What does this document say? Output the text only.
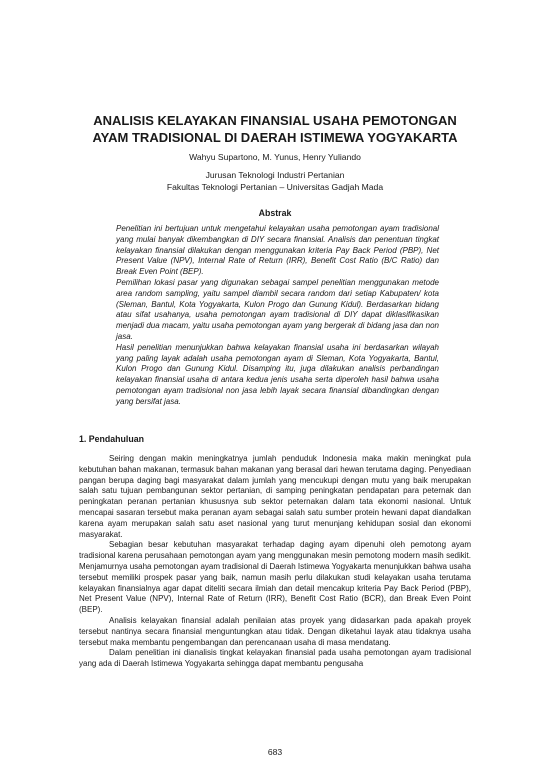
ANALISIS KELAYAKAN FINANSIAL USAHA PEMOTONGAN
AYAM TRADISIONAL DI DAERAH ISTIMEWA YOGYAKARTA
Wahyu Supartono, M. Yunus, Henry Yuliando
Jurusan Teknologi Industri Pertanian
Fakultas Teknologi Pertanian – Universitas Gadjah Mada
Abstrak

Penelitian ini bertujuan untuk mengetahui kelayakan usaha pemotongan ayam tradisional yang mulai banyak dikembangkan di DIY secara finansial. Analisis dan penentuan tingkat kelayakan finansial dilakukan dengan menggunakan kriteria Pay Back Period (PBP), Net Present Value (NPV), Internal Rate of Return (IRR), Benefit Cost Ratio (B/C Ratio) dan Break Even Point (BEP).

Pemilihan lokasi pasar yang digunakan sebagai sampel penelitian menggunakan metode area random sampling, yaitu sampel diambil secara random dari setiap Kabupaten/ kota (Sleman, Bantul, Kota Yogyakarta, Kulon Progo dan Gunung Kidul). Berdasarkan bidang atau sifat usahanya, usaha pemotongan ayam tradisional di DIY dapat diklasifikasikan menjadi dua macam, yaitu usaha pemotongan ayam yang bergerak di bidang jasa dan non jasa.

Hasil penelitian menunjukkan bahwa kelayakan finansial usaha ini berdasarkan wilayah yang paling layak adalah usaha pemotongan ayam di Sleman, Kota Yogyakarta, Bantul, Kulon Progo dan Gunung Kidul. Disamping itu, juga dilakukan analisis perbandingan kelayakan finansial usaha di antara kedua jenis usaha serta diperoleh hasil bahwa usaha pemotongan ayam tradisional non jasa lebih layak secara finansial dibandingkan dengan yang bersifat jasa.

1. Pendahuluan

Seiring dengan makin meningkatnya jumlah penduduk Indonesia maka makin meningkat pula kebutuhan bahan makanan, termasuk bahan makanan yang berasal dari hewan terutama daging. Penyediaan pangan berupa daging bagi masyarakat dalam jumlah yang mencukupi dengan mutu yang baik merupakan salah satu tujuan pembangunan sektor pertanian, di samping peningkatan pendapatan para peternak dan peningkatan peranan pertanian khususnya sub sektor peternakan dalam tata ekonomi nasional. Untuk mencapai sasaran tersebut maka peranan ayam sebagai salah satu sumber protein hewani dapat diandalkan karena ayam merupakan salah satu aset nasional yang turut menunjang kehidupan sosial dan ekonomi masyarakat.

Sebagian besar kebutuhan masyarakat terhadap daging ayam dipenuhi oleh pemotong ayam tradisional karena perusahaan pemotongan ayam yang menggunakan mesin pemotong modern masih sedikit. Menjamurnya usaha pemotongan ayam tradisional di Daerah Istimewa Yogyakarta menunjukkan bahwa usaha tersebut memiliki prospek pasar yang baik, namun masih perlu dilakukan studi kelayakan usaha terutama kelayakan finansialnya agar dapat diteliti secara ilmiah dan detail mencakup kriteria Pay Back Period (PBP), Net Present Value (NPV), Internal Rate of Return (IRR), Benefit Cost Ratio (BCR), dan Break Even Point (BEP).

Analisis kelayakan finansial adalah penilaian atas proyek yang didasarkan pada apakah proyek tersebut nantinya secara finansial menguntungkan atau tidak. Dengan diketahui layak atau tidaknya usaha tersebut maka membantu pengembangan dan perencanaan usaha di masa mendatang.

Dalam penelitian ini dianalisis tingkat kelayakan finansial pada usaha pemotongan ayam tradisional yang ada di Daerah Istimewa Yogyakarta sehingga dapat membantu pengusaha

683
